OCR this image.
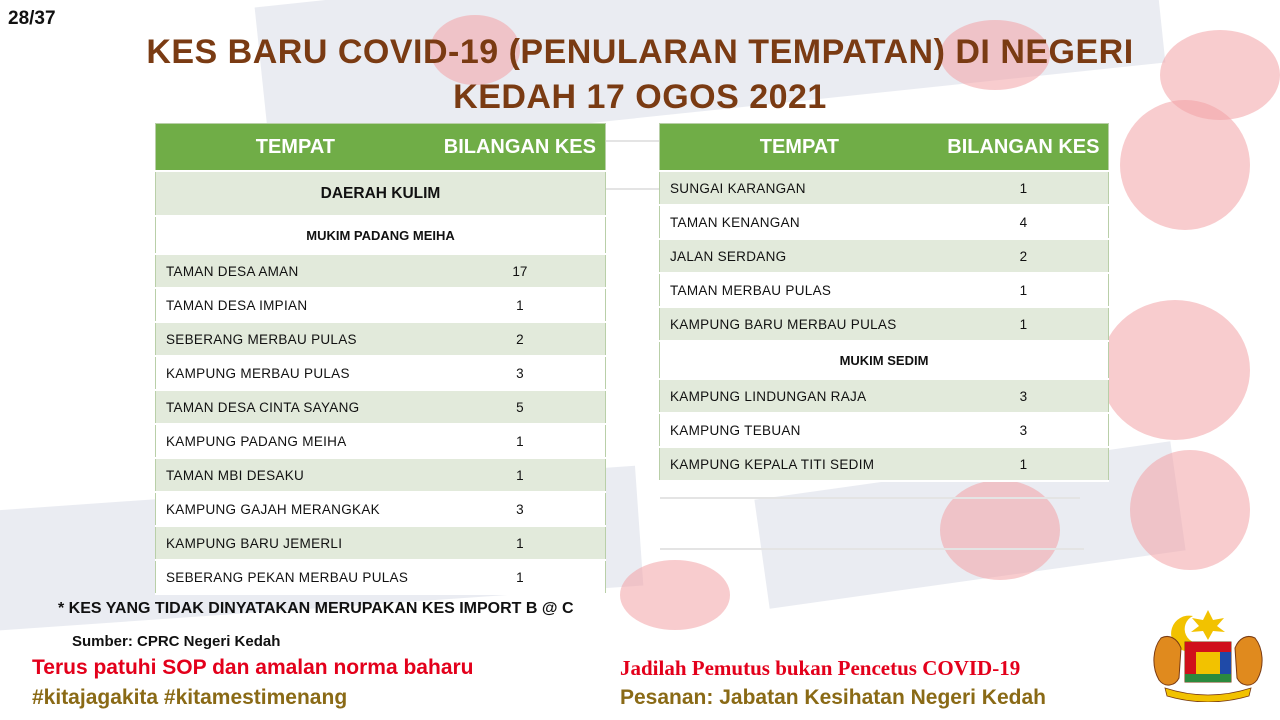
28/37
KES BARU COVID-19 (PENULARAN TEMPATAN) DI NEGERI
KEDAH 17 OGOS 2021
TEMPAT	BILANGAN KES
DAERAH KULIM	
MUKIM PADANG MEIHA	
TAMAN DESA AMAN	17
TAMAN DESA IMPIAN	1
SEBERANG MERBAU PULAS	2
KAMPUNG MERBAU PULAS	3
TAMAN DESA CINTA SAYANG	5
KAMPUNG PADANG MEIHA	1
TAMAN MBI DESAKU	1
KAMPUNG GAJAH MERANGKAK	3
KAMPUNG BARU JEMERLI	1
SEBERANG PEKAN MERBAU PULAS	1
TEMPAT	BILANGAN KES
SUNGAI KARANGAN	1
TAMAN KENANGAN	4
JALAN SERDANG	2
TAMAN MERBAU PULAS	1
KAMPUNG BARU MERBAU PULAS	1
MUKIM SEDIM	
KAMPUNG LINDUNGAN RAJA	3
KAMPUNG TEBUAN	3
KAMPUNG KEPALA TITI SEDIM	1
* KES YANG TIDAK DINYATAKAN MERUPAKAN KES IMPORT B @ C
Sumber: CPRC Negeri Kedah
Terus patuhi SOP dan amalan norma baharu
#kitajagakita #kitamestimenang
Jadilah Pemutus bukan Pencetus COVID-19
Pesanan: Jabatan Kesihatan Negeri Kedah
